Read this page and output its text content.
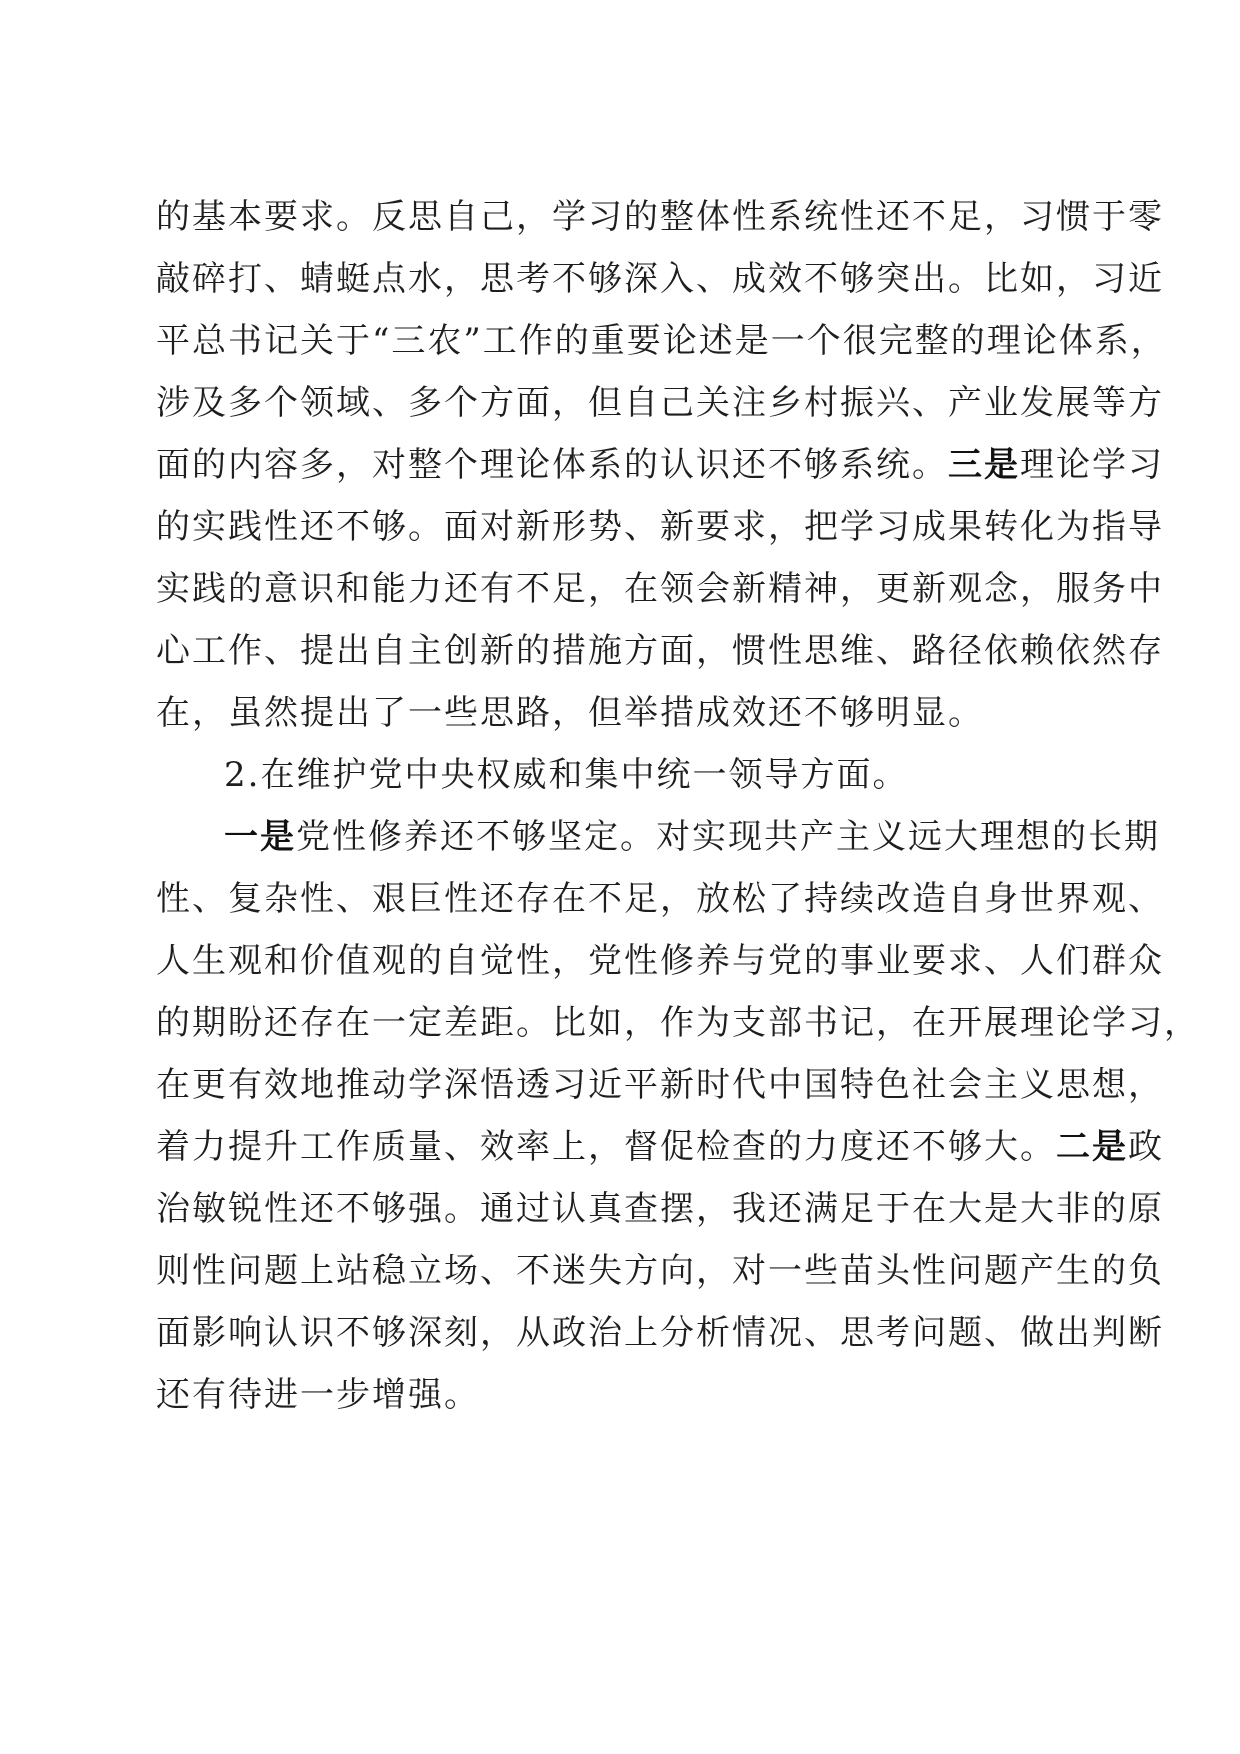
的基本要求。反思自己，学习的整体性系统性还不足，习惯于零
敲碎打、蜻蜓点水，思考不够深入、成效不够突出。比如，习近
平总书记关于“三农”工作的重要论述是一个很完整的理论体系，
涉及多个领域、多个方面，但自己关注乡村振兴、产业发展等方
面的内容多，对整个理论体系的认识还不够系统。三是理论学习
的实践性还不够。面对新形势、新要求，把学习成果转化为指导
实践的意识和能力还有不足，在领会新精神，更新观念，服务中
心工作、提出自主创新的措施方面，惯性思维、路径依赖依然存
在，虽然提出了一些思路，但举措成效还不够明显。
2.在维护党中央权威和集中统一领导方面。
一是党性修养还不够坚定。对实现共产主义远大理想的长期
性、复杂性、艰巨性还存在不足，放松了持续改造自身世界观、
人生观和价值观的自觉性，党性修养与党的事业要求、人们群众
的期盼还存在一定差距。比如，作为支部书记，在开展理论学习，
在更有效地推动学深悟透习近平新时代中国特色社会主义思想，
着力提升工作质量、效率上，督促检查的力度还不够大。二是政
治敏锐性还不够强。通过认真查摆，我还满足于在大是大非的原
则性问题上站稳立场、不迷失方向，对一些苗头性问题产生的负
面影响认识不够深刻，从政治上分析情况、思考问题、做出判断
还有待进一步增强。
